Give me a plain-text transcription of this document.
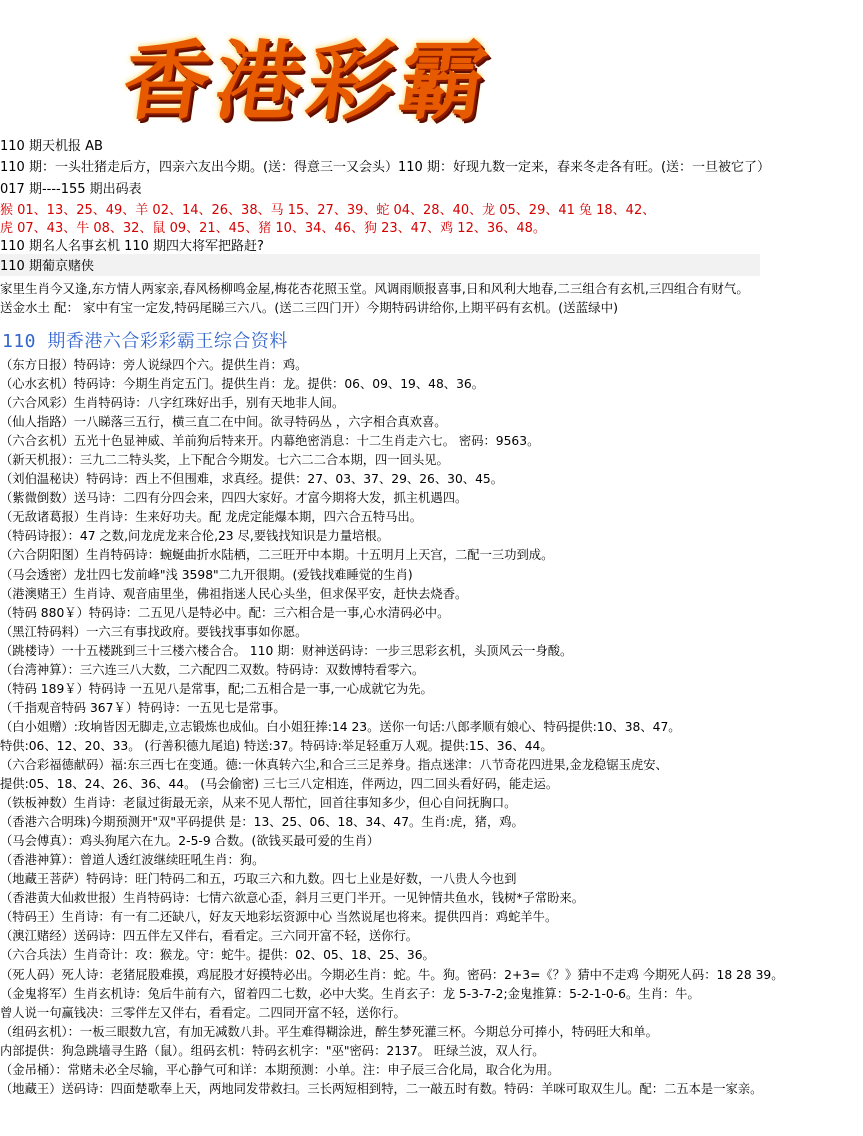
香港彩霸
110 期天机报 AB
110 期：一头壮猪走后方，四亲六友出今期。(送：得意三一又会头）110 期：好现九数一定来，春来冬走各有旺。(送：一旦被它了）
017 期----155 期出码表
猴 01、13、25、49、羊 02、14、26、38、马 15、27、39、蛇 04、28、40、龙 05、29、41 兔 18、42、
虎 07、43、牛 08、32、鼠 09、21、45、猪 10、34、46、狗 23、47、鸡 12、36、48。
110 期名人名事玄机 110 期四大将军把路赶?
110 期葡京赌侠
家里生肖今又逢,东方情人两家亲,春风杨柳鸣金屋,梅花杏花照玉堂。风调雨顺报喜事,日和风利大地春,二三组合有玄机,三四组合有财气。
送金水土 配： 家中有宝一定发,特码尾睇三六八。(送二三四门开）今期特码讲给你,上期平码有玄机。(送蓝绿中)
110 期香港六合彩彩霸王综合资料
（东方日报）特码诗：旁人说绿四个六。提供生肖：鸡。
（心水玄机）特码诗：今期生肖定五门。提供生肖：龙。提供：06、09、19、48、36。
（六合风彩）生肖特码诗：八字红珠好出手，别有天地非人间。
（仙人指路）一八睇落三五行，横三直二在中间。欲寻特码丛 ，六字相合真欢喜。
（六合玄机）五光十色显神威、羊前狗后特来开。内幕绝密消息：十二生肖走六七。 密码：9563。
（新天机报）：三九二二特头奖，上下配合今期发。七六二二合本期，四一回头见。
（刘伯温秘诀）特码诗：西上不但围难，求真经。提供：27、03、37、29、26、30、45。
（紫微倒数）送马诗：二四有分四会来，四四大家好。才富今期将大发，抓主机遇四。
（无敌诸葛报）生肖诗：生来好功夫。配 龙虎定能爆本期，四六合五特马出。
（特码诗报）：47 之数,问龙虎龙来合伦,23 尽,要钱找知识是力量培根。
（六合阴阳图）生肖特码诗：蜿蜒曲折水陆栖，二三旺开中本期。十五明月上天宫，二配一三功到成。
（马会透密）龙壮四七发前峰"浅 3598"二九开很期。(爱钱找难睡觉的生肖)
（港澳赌王）生肖诗、观音庙里坐，佛祖指迷人民心头坐，但求保平安，赶快去烧香。
（特码 880￥）特码诗：二五见八是特必中。配：三六相合是一事,心水清码必中。
（黑江特码料）一六三有事找政府。要钱找事事如你愿。
（跳楼诗）一十五楼跳到三十三楼六楼合合。 110 期：财神送码诗：一步三思彩玄机，头顶风云一身酸。
（台湾神算）：三六连三八大数，二六配四二双数。特码诗：双数博特看零六。
（特码 189￥）特码诗 一五见八是常事，配;二五相合是一事,一心成就它为先。
（千指观音特码 367￥）特码诗：一五见七是常事。
（白小姐赠）:玫垧皆因无脚走,立志锻炼也成仙。白小姐狂捧:14 23。送你一句话:八郎孝顺有娘心、特码提供:10、38、47。
特供:06、12、20、33。 (行善积德九尾追) 特送:37。特码诗:举足轻重万人观。提供:15、36、44。
（六合彩福德献码）福:东三西七在变通。德:一休真转六尘,和合三三足养身。指点迷津：八节奇花四进果,金龙稳锯玉虎安、
提供:05、18、24、26、36、44。 (马会偷密) 三七三八定相连，伴两边，四二回头看好码，能走运。
（铁板神数）生肖诗：老鼠过街最无亲，从来不见人帮忙，回首往事知多少，但心自问抚胸口。
（香港六合明珠)今期预测开"双"平码提供 是：13、25、06、18、34、47。生肖:虎，猪，鸡。
（马会傅真）：鸡头狗尾六在九。2-5-9 合数。(欲钱买最可爱的生肖）
（香港神算）：曾道人透红波继续旺吼生肖：狗。
（地藏王菩萨）特码诗：旺门特码二和五，巧取三六和九数。四七上业是好数，一八贵人今也到
（香港黄大仙救世报）生肖特码诗：七情六欲意心歪，斜月三更门半开。一见钟情共鱼水，钱树*子常盼来。
（特码王）生肖诗：有一有二还缺八，好友天地彩坛资源中心 当然说尾也将来。提供四肖：鸡蛇羊牛。
（澳江赌经）送码诗：四五伴左又伴右，看看定。三六同开富不轻，送你行。
（六合兵法）生肖奇计：攻：猴龙。守：蛇牛。提供：02、05、18、25、36。
（死人码）死人诗：老猪屁股难摸，鸡屁股才好摸特必出。今期必生肖：蛇。牛。狗。密码：2+3=《？》猜中不走鸡 今期死人码：18 28 39。
（金鬼将军）生肖玄机诗：兔后牛前有六，留着四二七数，必中大奖。生肖玄子：龙 5-3-7-2;金鬼推算：5-2-1-0-6。生肖：牛。
曾人说一句赢钱决：三零伴左又伴右，看看定。二四同开富不轻，送你行。
（组码玄机）：一板三眼数九宫，有加无减数八卦。平生难得糊涂进，醉生梦死灌三杯。今期总分可捧小，特码旺大和单。
内部提供：狗急跳墙寻生路（鼠）。组码玄机：特码玄机字："巫"密码：2137。 旺绿兰波，双人行。
（金吊桶）：常赌未必全尽输，平心静气可和详：本期预测：小单。注：申子辰三合化局，取合化为用。
（地藏王）送码诗：四面楚歌奉上天，两地同发带救扫。三长两短相到特，二一敲五时有数。特码：羊咪可取双生儿。配：二五本是一家亲。
